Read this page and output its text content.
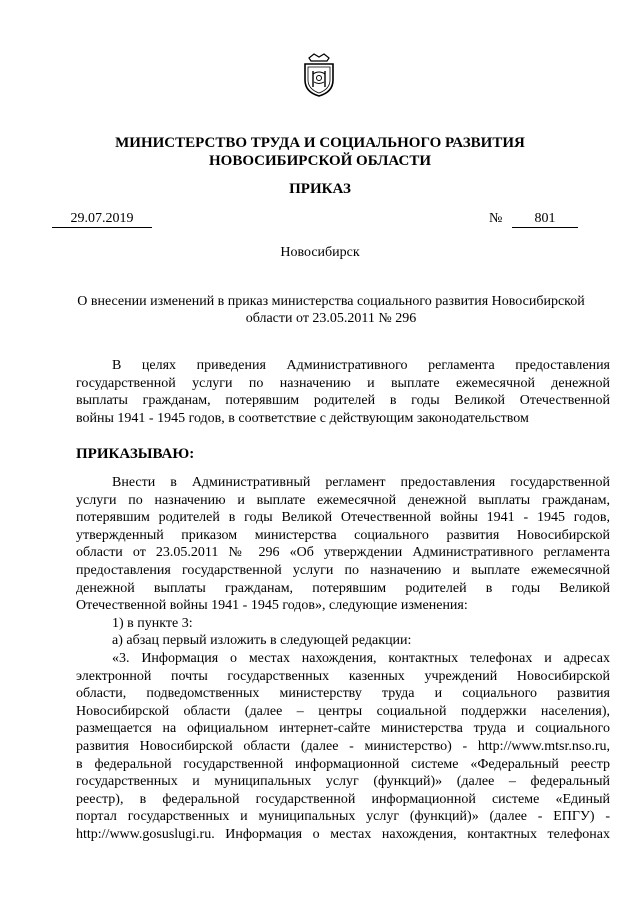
МИНИСТЕРСТВО ТРУДА И СОЦИАЛЬНОГО РАЗВИТИЯ
НОВОСИБИРСКОЙ ОБЛАСТИ
ПРИКАЗ
29.07.2019	№	801
Новосибирск
О внесении изменений в приказ министерства социального развития Новосибирской
области от 23.05.2011 № 296
В целях приведения Административного регламента предоставления
государственной услуги по назначению и выплате ежемесячной денежной
выплаты гражданам, потерявшим родителей в годы Великой Отечественной
войны 1941 - 1945 годов, в соответствие с действующим законодательством
ПРИКАЗЫВАЮ:
Внести в Административный регламент предоставления государственной
услуги по назначению и выплате ежемесячной денежной выплаты гражданам,
потерявшим родителей в годы Великой Отечественной войны 1941 - 1945 годов,
утвержденный приказом министерства социального развития Новосибирской
области от 23.05.2011 № 296 «Об утверждении Административного регламента
предоставления государственной услуги по назначению и выплате ежемесячной
денежной выплаты гражданам, потерявшим родителей в годы Великой
Отечественной войны 1941 - 1945 годов», следующие изменения:
1) в пункте 3:
а) абзац первый изложить в следующей редакции:
«3. Информация о местах нахождения, контактных телефонах и адресах
электронной почты государственных казенных учреждений Новосибирской
области, подведомственных министерству труда и социального развития
Новосибирской области (далее – центры социальной поддержки населения),
размещается на официальном интернет-сайте министерства труда и социального
развития Новосибирской области (далее - министерство) - http://www.mtsr.nso.ru,
в федеральной государственной информационной системе «Федеральный реестр
государственных и муниципальных услуг (функций)» (далее – федеральный
реестр), в федеральной государственной информационной системе «Единый
портал государственных и муниципальных услуг (функций)» (далее - ЕПГУ) -
http://www.gosuslugi.ru. Информация о местах нахождения, контактных телефонах
